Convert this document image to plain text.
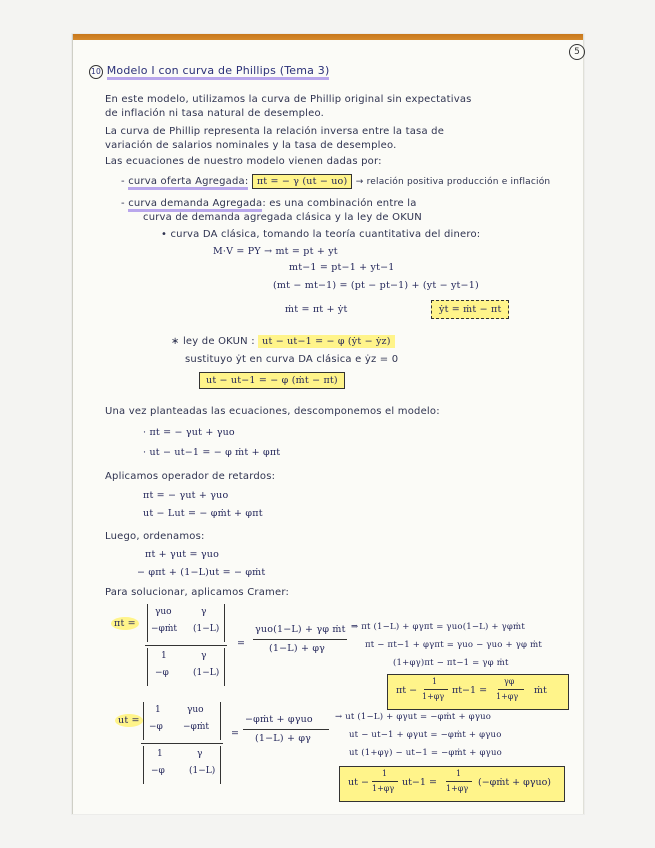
5
10 Modelo I con curva de Phillips (Tema 3)
En este modelo, utilizamos la curva de Phillip original sin expectativas
de inflación ni tasa natural de desempleo.
La curva de Phillip representa la relación inversa entre la tasa de
variación de salarios nominales y la tasa de desempleo.
Las ecuaciones de nuestro modelo vienen dadas por:
- curva oferta Agregada: πt = − γ (ut − uo) → relación positiva producción e inflación
- curva demanda Agregada: es una combinación entre la
curva de demanda agregada clásica y la ley de OKUN
• curva DA clásica, tomando la teoría cuantitativa del dinero:
M·V = PY → mt = pt + yt
mt−1 = pt−1 + yt−1
(mt − mt−1) = (pt − pt−1) + (yt − yt−1)
ṁt = πt + ẏt	ẏt = ṁt − πt
∗ ley de OKUN : ut − ut−1 = − φ (ẏt − ẏz)
sustituyo ẏt en curva DA clásica e ẏz = 0
ut − ut−1 = − φ (ṁt − πt)
Una vez planteadas las ecuaciones, descomponemos el modelo:
· πt = − γut + γuo
· ut − ut−1 = − φ ṁt + φπt
Aplicamos operador de retardos:
πt = − γut + γuo
ut − Lut = − φṁt + φπt
Luego, ordenamos:
πt + γut = γuo
− φπt + (1−L)ut = − φṁt
Para solucionar, aplicamos Cramer:
πt =
γuo	γ
−φṁt (1−L)
1	γ
−φ	(1−L)
=
γuo(1−L) + γφ ṁt
(1−L) + φγ
⇒ πt (1−L) + φγπt = γuo(1−L) + γφṁt
πt − πt−1 + φγπt = γuo − γuo + γφ ṁt
(1+φγ)πt − πt−1 = γφ ṁt
πt −
1
1+φγ
πt−1 =
γφ
1+φγ
ṁt
ut =
1	γuo
−φ −φṁt
1	γ
−φ	(1−L)
=
−φṁt + φγuo
(1−L) + φγ
→ ut (1−L) + φγut = −φṁt + φγuo
ut − ut−1 + φγut = −φṁt + φγuo
ut (1+φγ) − ut−1 = −φṁt + φγuo
ut −
1
1+φγ
ut−1 =
1
1+φγ
(−φṁt + φγuo)
